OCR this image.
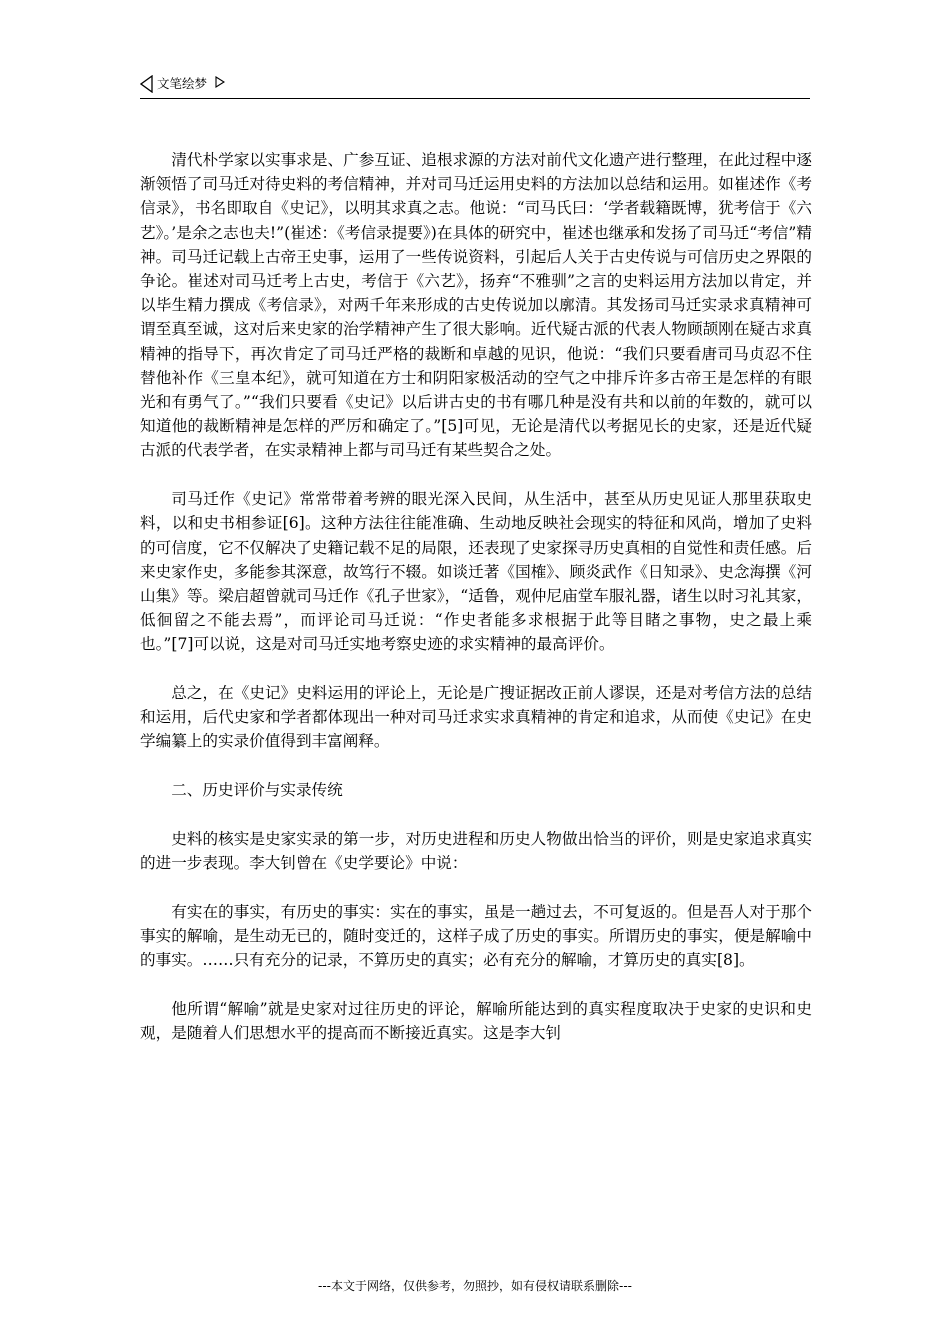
文笔绘梦

清代朴学家以实事求是、广参互证、追根求源的方法对前代文化遗产进行整理，在此过程中逐渐领悟了司马迁对待史料的考信精神，并对司马迁运用史料的方法加以总结和运用。如崔述作《考信录》，书名即取自《史记》，以明其求真之志。他说：“司马氏曰：‘学者载籍既博，犹考信于《六艺》。’是余之志也夫!”(崔述：《考信录提要》)在具体的研究中，崔述也继承和发扬了司马迁“考信”精神。司马迁记载上古帝王史事，运用了一些传说资料，引起后人关于古史传说与可信历史之界限的争论。崔述对司马迁考上古史，考信于《六艺》，扬弃“不雅驯”之言的史料运用方法加以肯定，并以毕生精力撰成《考信录》，对两千年来形成的古史传说加以廓清。其发扬司马迁实录求真精神可谓至真至诚，这对后来史家的治学精神产生了很大影响。近代疑古派的代表人物顾颉刚在疑古求真精神的指导下，再次肯定了司马迁严格的裁断和卓越的见识，他说：“我们只要看唐司马贞忍不住替他补作《三皇本纪》，就可知道在方士和阴阳家极活动的空气之中排斥许多古帝王是怎样的有眼光和有勇气了。”“我们只要看《史记》以后讲古史的书有哪几种是没有共和以前的年数的，就可以知道他的裁断精神是怎样的严厉和确定了。”[5]可见，无论是清代以考据见长的史家，还是近代疑古派的代表学者，在实录精神上都与司马迁有某些契合之处。

司马迁作《史记》常常带着考辨的眼光深入民间，从生活中，甚至从历史见证人那里获取史料，以和史书相参证[6]。这种方法往往能准确、生动地反映社会现实的特征和风尚，增加了史料的可信度，它不仅解决了史籍记载不足的局限，还表现了史家探寻历史真相的自觉性和责任感。后来史家作史，多能参其深意，故笃行不辍。如谈迁著《国榷》、顾炎武作《日知录》、史念海撰《河山集》等。梁启超曾就司马迁作《孔子世家》，“适鲁，观仲尼庙堂车服礼器，诸生以时习礼其家，低徊留之不能去焉”，而评论司马迁说：“作史者能多求根据于此等目睹之事物，史之最上乘也。”[7]可以说，这是对司马迁实地考察史迹的求实精神的最高评价。

总之，在《史记》史料运用的评论上，无论是广搜证据改正前人谬误，还是对考信方法的总结和运用，后代史家和学者都体现出一种对司马迁求实求真精神的肯定和追求，从而使《史记》在史学编纂上的实录价值得到丰富阐释。

二、历史评价与实录传统

史料的核实是史家实录的第一步，对历史进程和历史人物做出恰当的评价，则是史家追求真实的进一步表现。李大钊曾在《史学要论》中说：

有实在的事实，有历史的事实：实在的事实，虽是一趟过去，不可复返的。但是吾人对于那个事实的解喻，是生动无已的，随时变迁的，这样子成了历史的事实。所谓历史的事实，便是解喻中的事实。……只有充分的记录，不算历史的真实；必有充分的解喻，才算历史的真实[8]。

他所谓“解喻”就是史家对过往历史的评论，解喻所能达到的真实程度取决于史家的史识和史观，是随着人们思想水平的提高而不断接近真实。这是李大钊

---本文于网络，仅供参考，勿照抄，如有侵权请联系删除---
